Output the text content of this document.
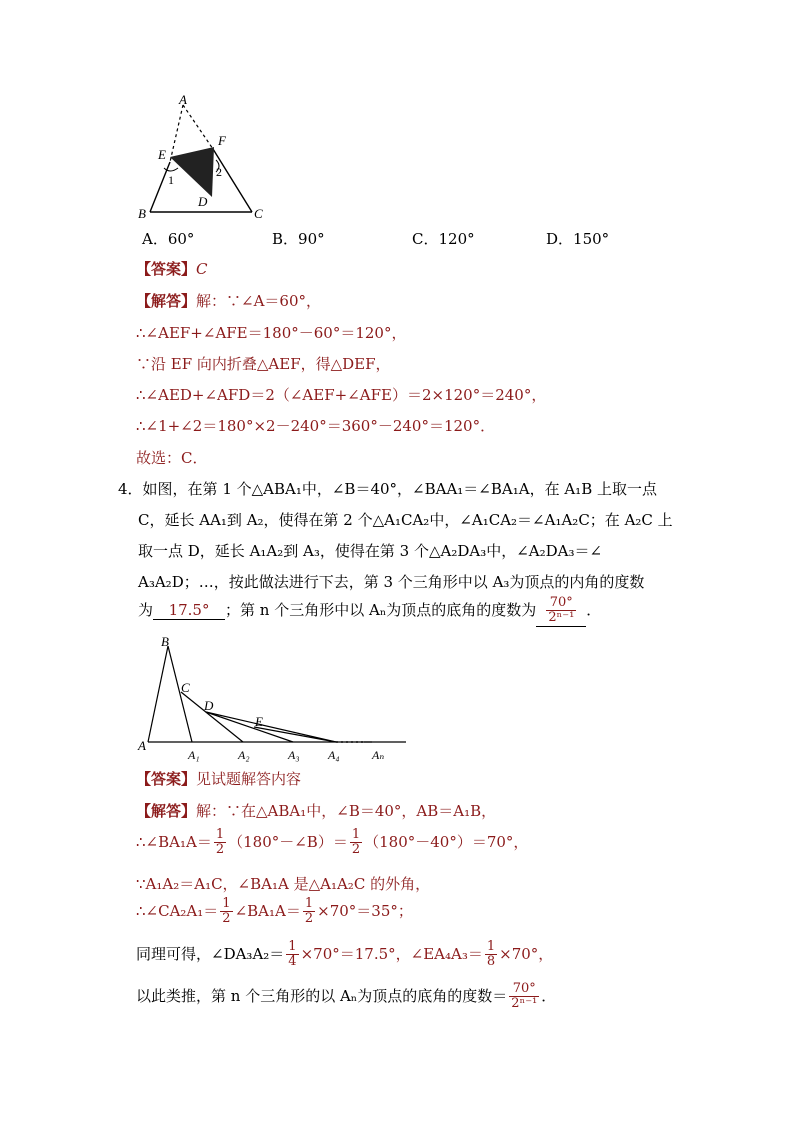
A
E
F
1
2
D
B	C
A．60°	B．90°	C．120°	D．150°
【答案】C
【解答】解：∵∠A＝60°，
∴∠AEF+∠AFE＝180°－60°＝120°，
∵沿 EF 向内折叠△AEF，得△DEF，
∴∠AED+∠AFD＝2（∠AEF+∠AFE）＝2×120°＝240°，
∴∠1+∠2＝180°×2－240°＝360°－240°＝120°．
故选：C．
4．如图，在第 1 个△ABA₁中，∠B＝40°，∠BAA₁＝∠BA₁A，在 A₁B 上取一点
C，延长 AA₁到 A₂，使得在第 2 个△A₁CA₂中，∠A₁CA₂＝∠A₁A₂C；在 A₂C 上
取一点 D，延长 A₁A₂到 A₃，使得在第 3 个△A₂DA₃中，∠A₂DA₃＝∠
A₃A₂D；…，按此做法进行下去，第 3 个三角形中以 A₃为顶点的内角的度数
为 17.5° ；第 n 个三角形中以 Aₙ为顶点的底角的度数为 $\frac{70^\circ}{\text{2ⁿ⁻¹}}$ ．
B
C
D
E
A
A₁	A₂	A₃ A₄	Aₙ
【答案】见试题解答内容
【解答】解：∵在△ABA₁中，∠B＝40°，AB＝A₁B，
∴∠BA₁A＝ $\frac{1}{2}$ （180°－∠B）＝ $\frac{1}{2} (180^\circ-40^\circ)=70^\circ$，
∵A₁A₂＝A₁C，∠BA₁A 是△A₁A₂C 的外角，
∴∠CA₂A₁＝ $\frac{1}{2}$ ∠BA₁A＝ $\frac{1}{2} \times 70^\circ=35^\circ$；
同理可得，∠DA₃A₂＝ $\frac{1}{4} \times 70^\circ=17.5^\circ$，∠EA₄A₃＝ $\frac{1}{8} \times 70^\circ$，
以此类推，第 n 个三角形的以 Aₙ为顶点的底角的度数＝ $\frac{70^\circ}{\text{2ⁿ⁻¹}}$ ．
